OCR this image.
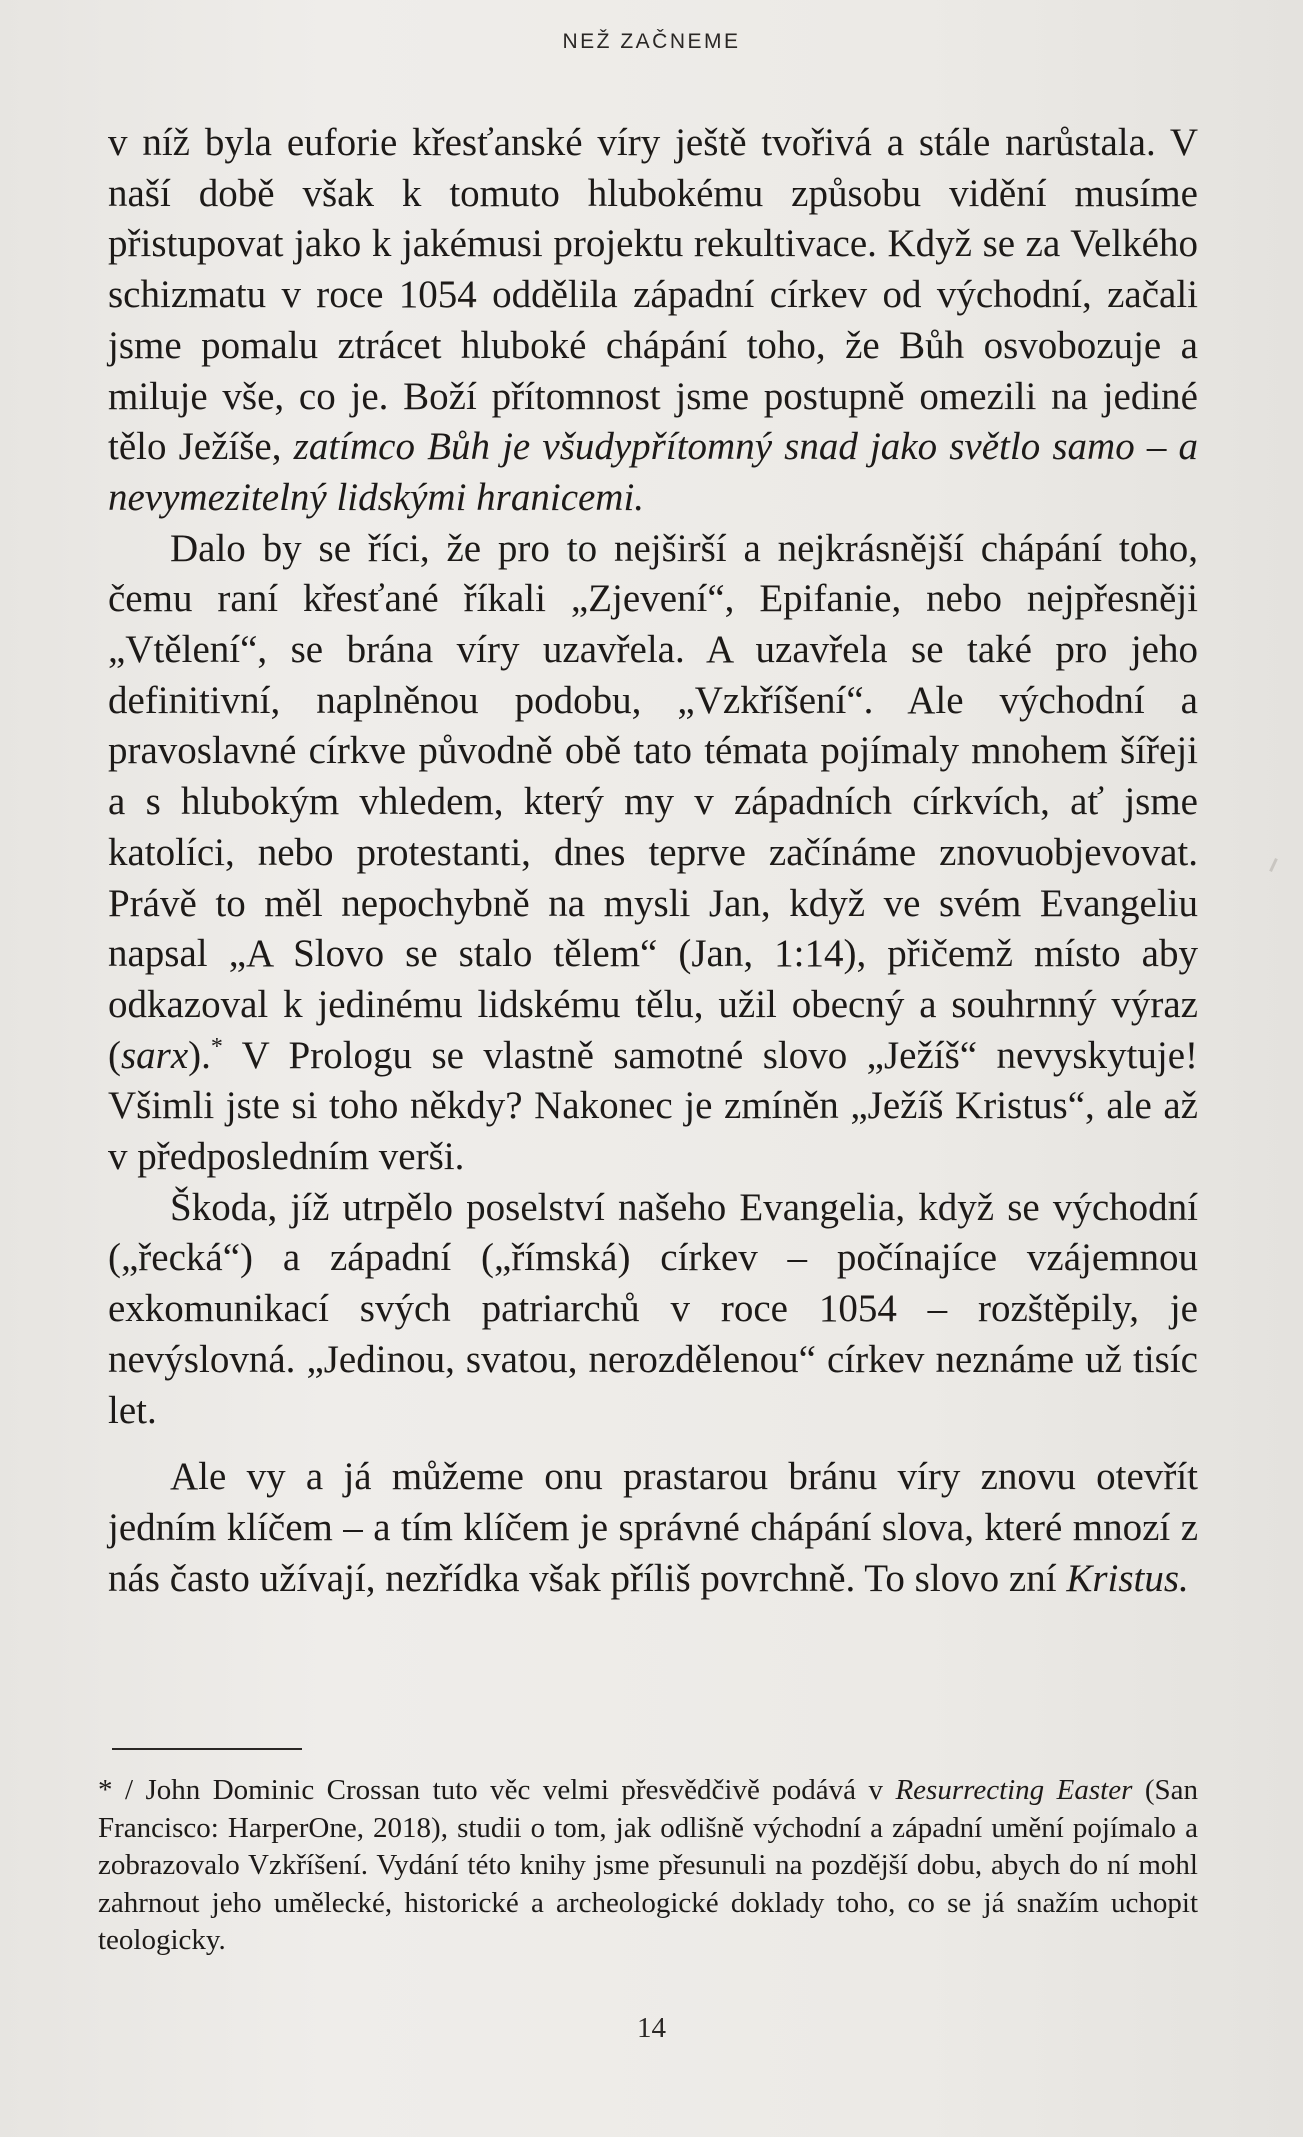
NEŽ ZAČNEME

v níž byla euforie křesťanské víry ještě tvořivá a stále narůstala. V naší době však k tomuto hlubokému způsobu vidění musíme přistupovat jako k jakémusi projektu rekultivace. Když se za Velkého schizmatu v roce 1054 oddělila západní církev od východní, začali jsme pomalu ztrácet hluboké chápání toho, že Bůh osvobozuje a miluje vše, co je. Boží přítomnost jsme postupně omezili na jediné tělo Ježíše, zatímco Bůh je všudypřítomný snad jako světlo samo – a nevymezitelný lidskými hranicemi.

Dalo by se říci, že pro to nejširší a nejkrásnější chápání toho, čemu raní křesťané říkali „Zjevení“, Epifanie, nebo nejpřesněji „Vtělení“, se brána víry uzavřela. A uzavřela se také pro jeho definitivní, naplněnou podobu, „Vzkříšení“. Ale východní a pravoslavné církve původně obě tato témata pojímaly mnohem šířeji a s hlubokým vhledem, který my v západních církvích, ať jsme katolíci, nebo protestanti, dnes teprve začínáme znovuobjevovat. Právě to měl nepochybně na mysli Jan, když ve svém Evangeliu napsal „A Slovo se stalo tělem“ (Jan, 1:14), přičemž místo aby odkazoval k jedinému lidskému tělu, užil obecný a souhrnný výraz (sarx).* V Prologu se vlastně samotné slovo „Ježíš“ nevyskytuje! Všimli jste si toho někdy? Nakonec je zmíněn „Ježíš Kristus“, ale až v předposledním verši.

Škoda, jíž utrpělo poselství našeho Evangelia, když se východní („řecká“) a západní („římská) církev – počínajíce vzájemnou exkomunikací svých patriarchů v roce 1054 – rozštěpily, je nevýslovná. „Jedinou, svatou, nerozdělenou“ církev neznáme už tisíc let.

Ale vy a já můžeme onu prastarou bránu víry znovu otevřít jedním klíčem – a tím klíčem je správné chápání slova, které mnozí z nás často užívají, nezřídka však příliš povrchně. To slovo zní Kristus.

* / John Dominic Crossan tuto věc velmi přesvědčivě podává v Resurrecting Easter (San Francisco: HarperOne, 2018), studii o tom, jak odlišně východní a západní umění pojímalo a zobrazovalo Vzkříšení. Vydání této knihy jsme přesunuli na pozdější dobu, abych do ní mohl zahrnout jeho umělecké, historické a archeologické doklady toho, co se já snažím uchopit teologicky.

14
